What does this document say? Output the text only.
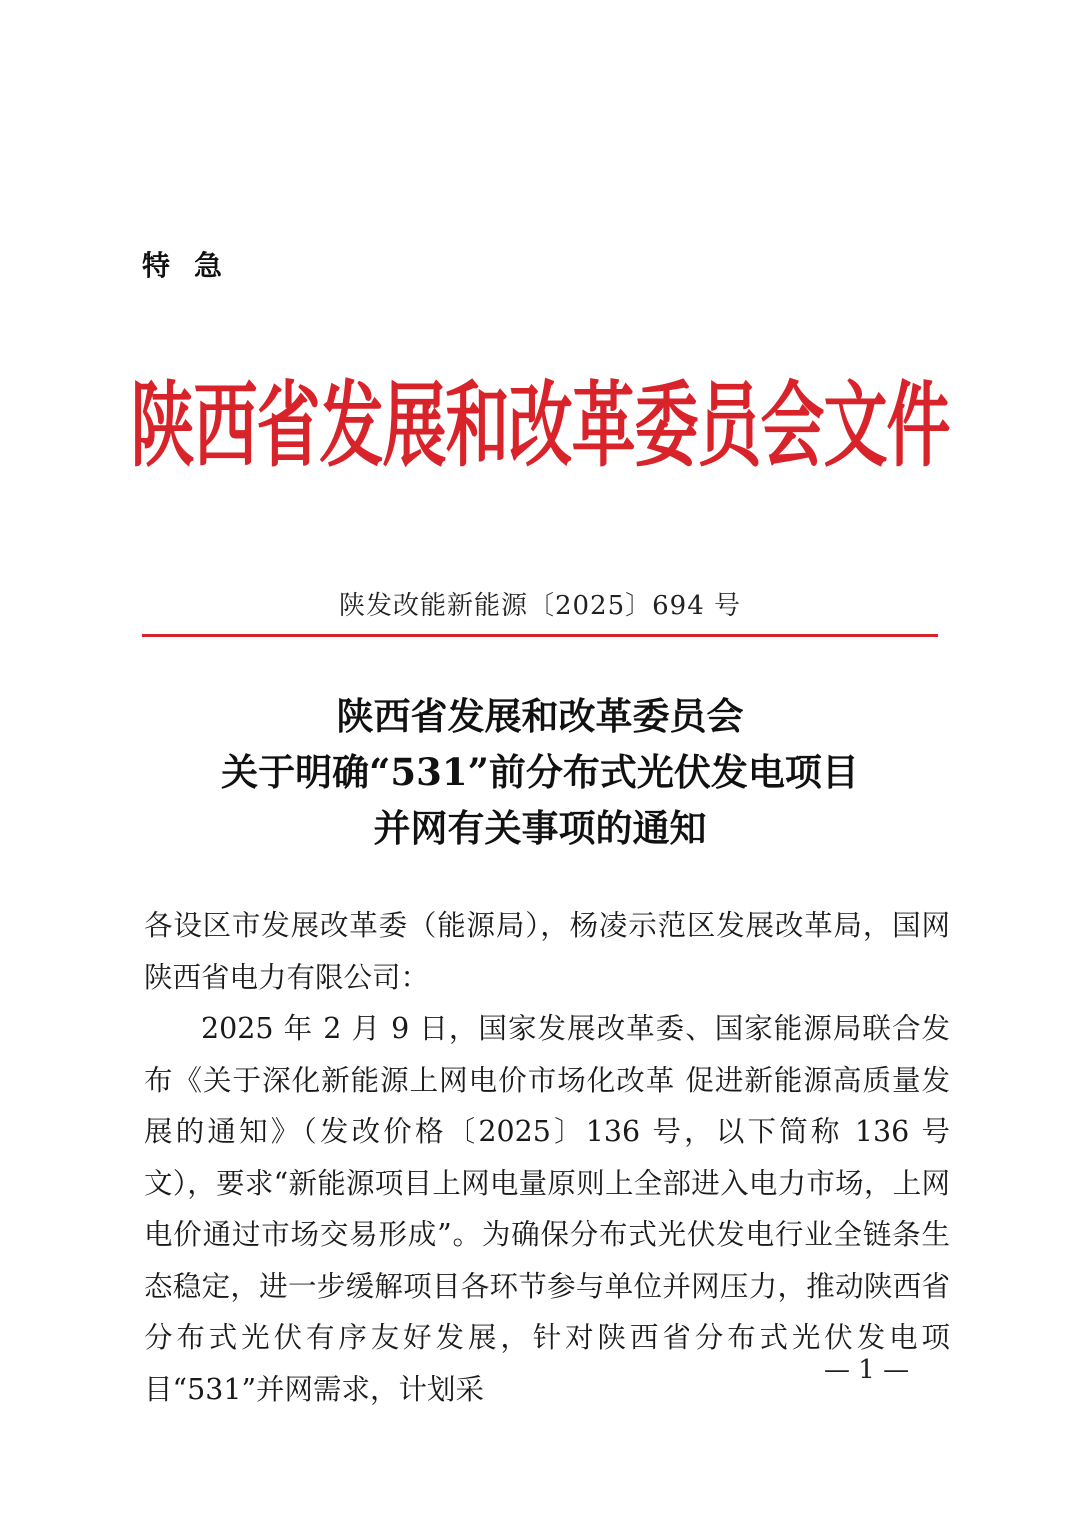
特急
陕西省发展和改革委员会文件
陕发改能新能源〔2025〕694 号
陕西省发展和改革委员会
关于明确“531”前分布式光伏发电项目
并网有关事项的通知

各设区市发展改革委（能源局），杨凌示范区发展改革局，国网陕西省电力有限公司：

2025 年 2 月 9 日，国家发展改革委、国家能源局联合发布《关于深化新能源上网电价市场化改革 促进新能源高质量发展的通知》（发改价格〔2025〕136 号，以下简称 136 号文），要求“新能源项目上网电量原则上全部进入电力市场，上网电价通过市场交易形成”。为确保分布式光伏发电行业全链条生态稳定，进一步缓解项目各环节参与单位并网压力，推动陕西省分布式光伏有序友好发展，针对陕西省分布式光伏发电项目“531”并网需求，计划采

— 1 —
